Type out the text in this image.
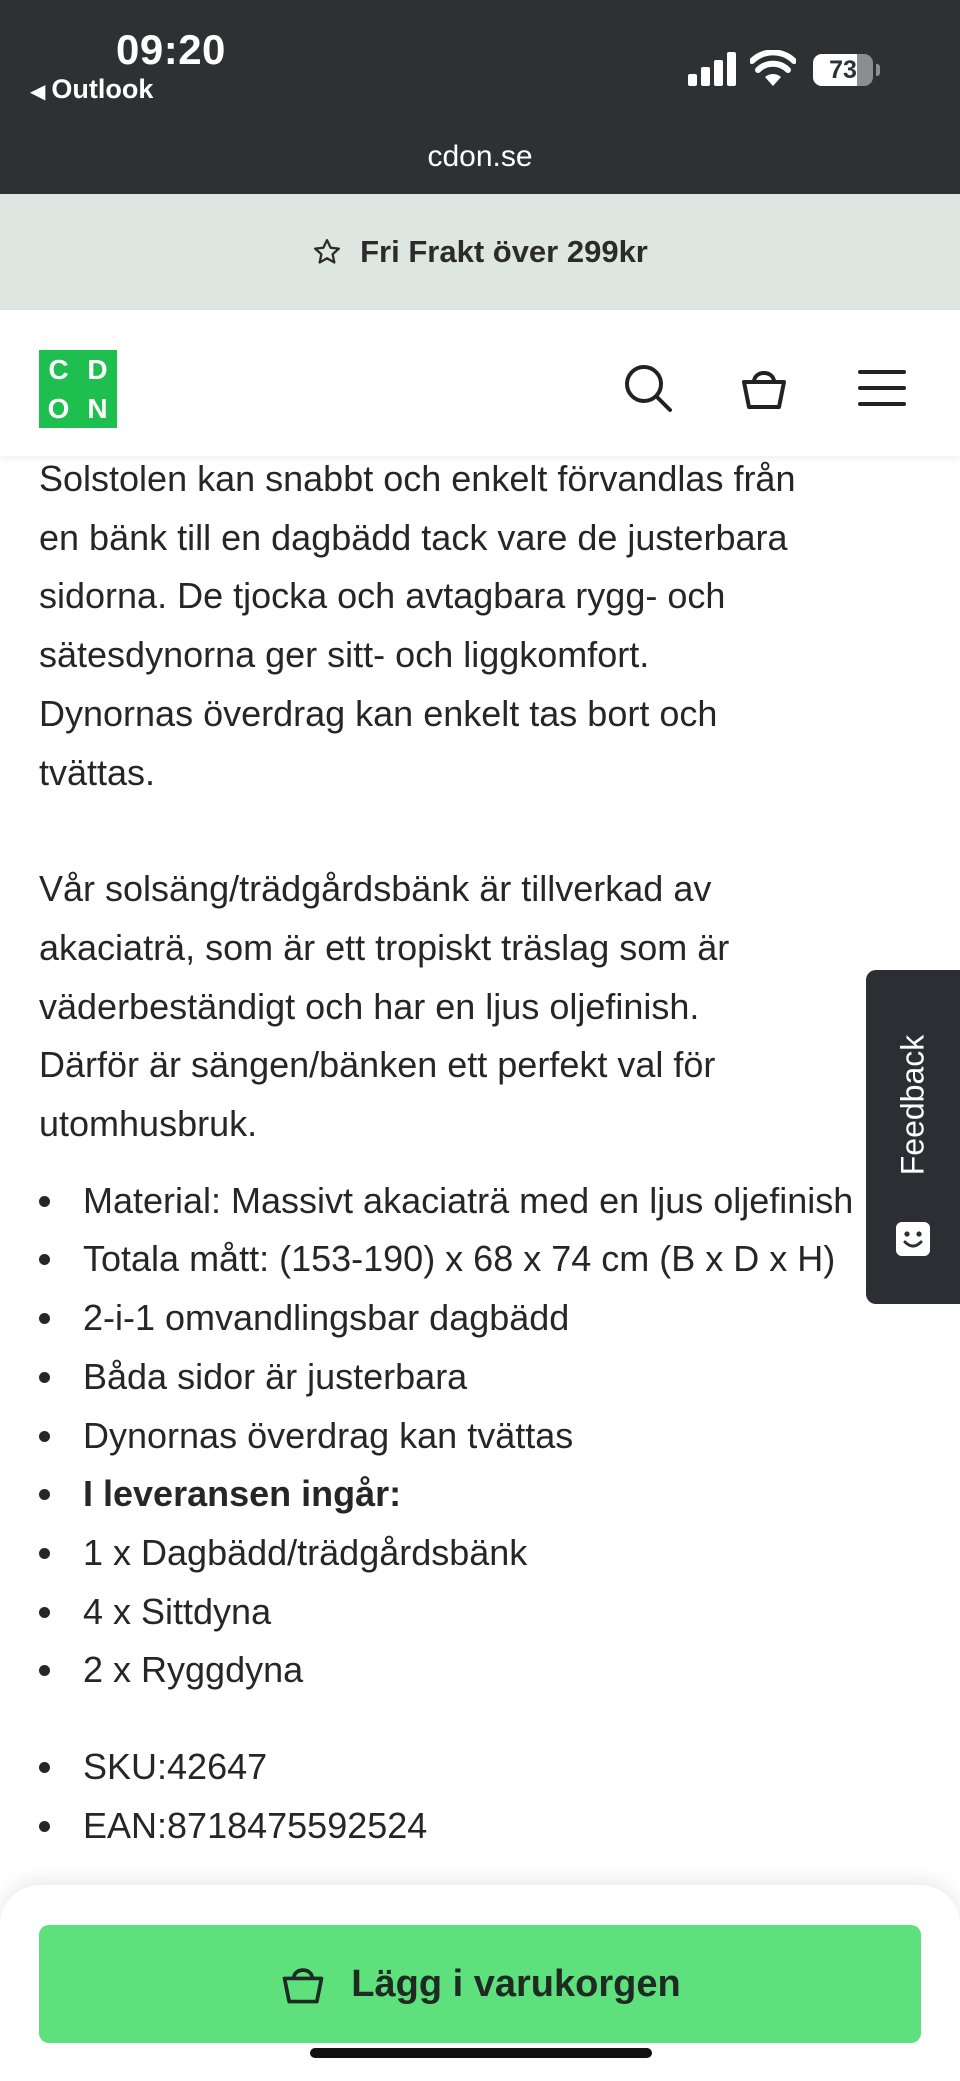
09:20
◀ Outlook
73
cdon.se
Fri Frakt över 299kr
C D
O N

Solstolen kan snabbt och enkelt förvandlas från
en bänk till en dagbädd tack vare de justerbara
sidorna. De tjocka och avtagbara rygg- och
sätesdynorna ger sitt- och liggkomfort.
Dynornas överdrag kan enkelt tas bort och
tvättas.

Vår solsäng/trädgårdsbänk är tillverkad av
akaciaträ, som är ett tropiskt träslag som är
väderbeständigt och har en ljus oljefinish.
Därför är sängen/bänken ett perfekt val för
utomhusbruk.

Material: Massivt akaciaträ med en ljus oljefinish
Totala mått: (153-190) x 68 x 74 cm (B x D x H)
2-i-1 omvandlingsbar dagbädd
Båda sidor är justerbara
Dynornas överdrag kan tvättas
I leveransen ingår:
1 x Dagbädd/trädgårdsbänk
4 x Sittdyna
2 x Ryggdyna
SKU:42647
EAN:8718475592524
Feedback
Lägg i varukorgen
